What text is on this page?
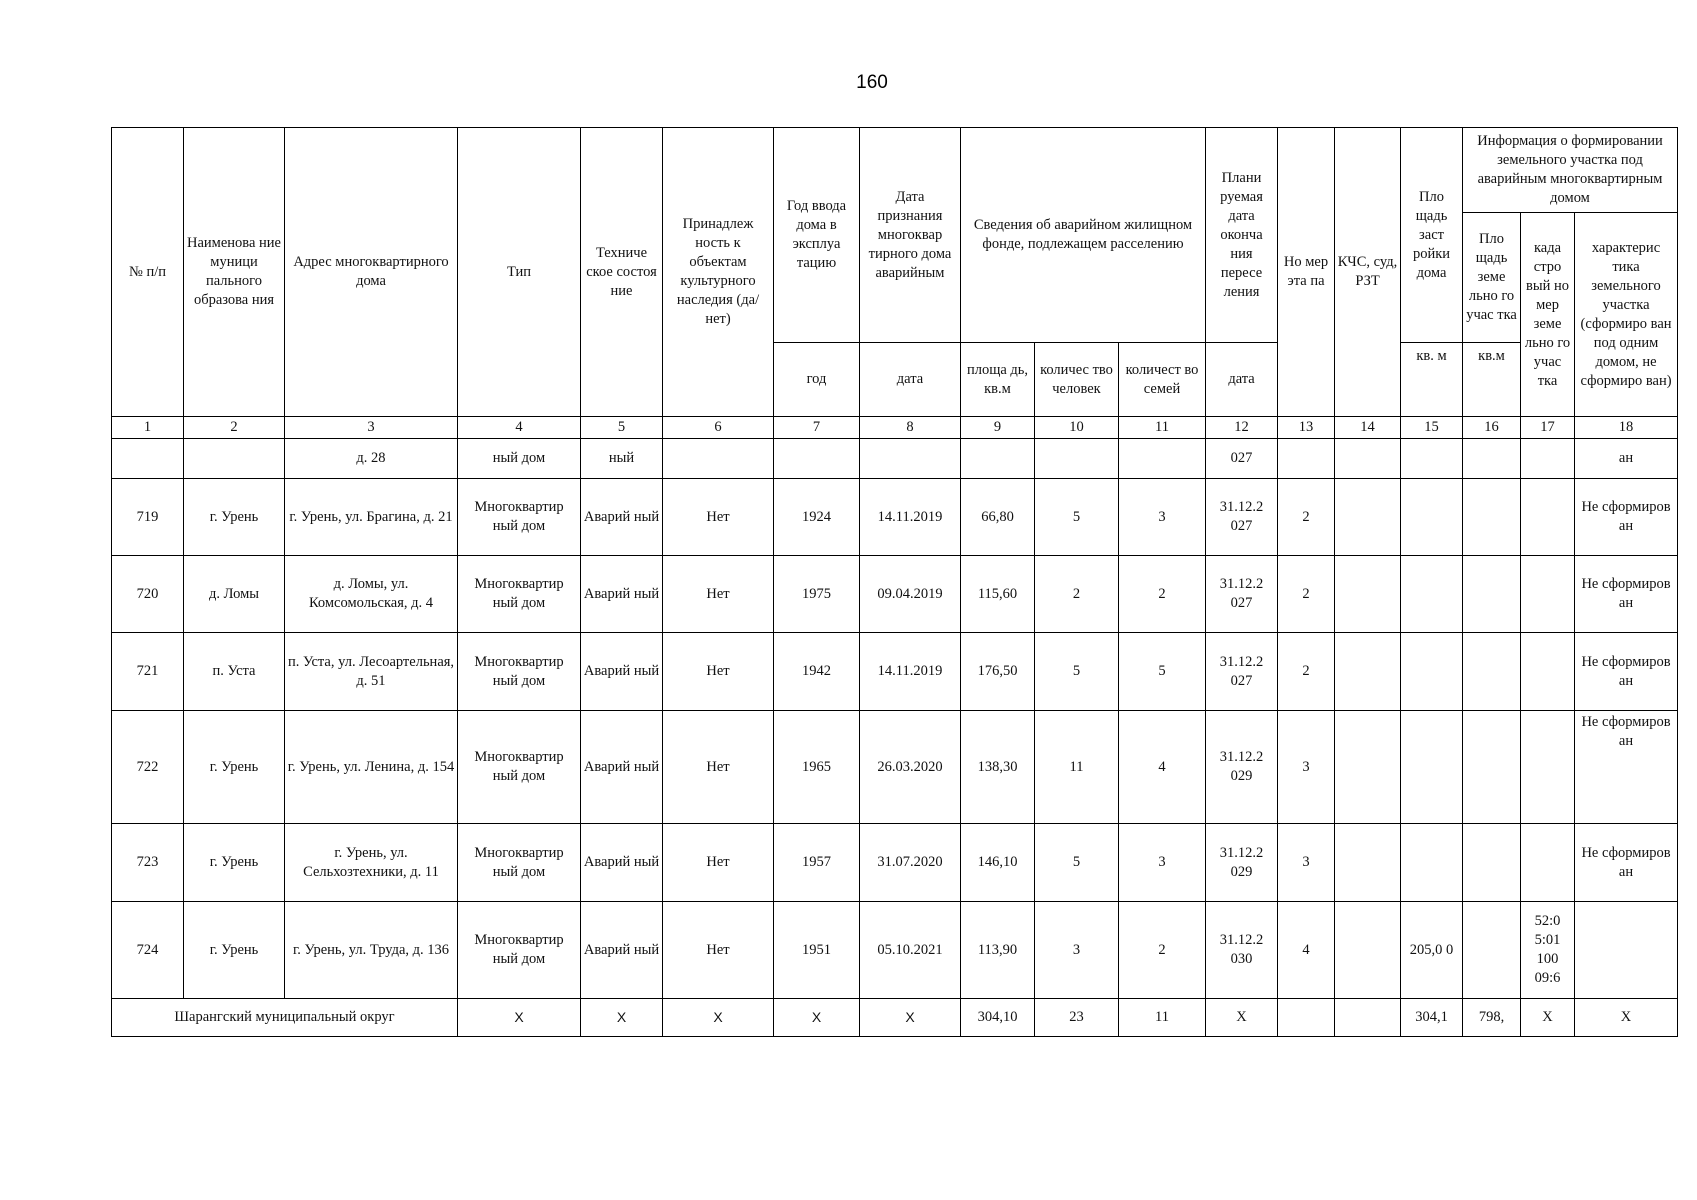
160
№ п/п	Наименова ние муници пального образова ния	Адрес многоквартирного дома	Тип	Техниче ское состоя ние	Принадлеж ность к объектам культурного наследия (да/нет)	Год ввода дома в эксплуа тацию	Дата признания многоквар тирного дома аварийным	Сведения об аварийном жилищном фонде, подлежащем расселению			Плани руемая дата оконча ния пересе ления	Но мер эта па	КЧС, суд, РЗТ	Пло щадь заст ройки дома	Информация о формировании земельного участка под аварийным многоквартирным домом		
															Пло щадь земе льно го учас тка	када стро вый но мер земе льно го учас тка	характерис тика земельного участка (сформиро ван под одним домом, не сформиро ван)
						год	дата	площа дь, кв.м	количес тво человек	количест во семей	дата			кв. м	кв.м		
1	2	3	4	5	6	7	8	9	10	11	12	13	14	15	16	17	18
		д. 28	ный дом	ный							027						ан
719	г. Урень	г. Урень, ул. Брагина, д. 21	Многоквартир ный дом	Аварий ный	Нет	1924	14.11.2019	66,80	5	3	31.12.2 027	2					Не сформиров ан
720	д. Ломы	д. Ломы, ул. Комсомольская, д. 4	Многоквартир ный дом	Аварий ный	Нет	1975	09.04.2019	115,60	2	2	31.12.2 027	2					Не сформиров ан
721	п. Уста	п. Уста, ул. Лесоартельная, д. 51	Многоквартир ный дом	Аварий ный	Нет	1942	14.11.2019	176,50	5	5	31.12.2 027	2					Не сформиров ан
722	г. Урень	г. Урень, ул. Ленина, д. 154	Многоквартир ный дом	Аварий ный	Нет	1965	26.03.2020	138,30	11	4	31.12.2 029	3					Не сформиров ан
723	г. Урень	г. Урень, ул. Сельхозтехники, д. 11	Многоквартир ный дом	Аварий ный	Нет	1957	31.07.2020	146,10	5	3	31.12.2 029	3					Не сформиров ан
724	г. Урень	г. Урень, ул. Труда, д. 136	Многоквартир ный дом	Аварий ный	Нет	1951	05.10.2021	113,90	3	2	31.12.2 030	4		205,0 0		52:0 5:01 100 09:6	
Шарангский муниципальный округ			X	X	X	X	X	304,10	23	11	X			304,1	798,	X	X
